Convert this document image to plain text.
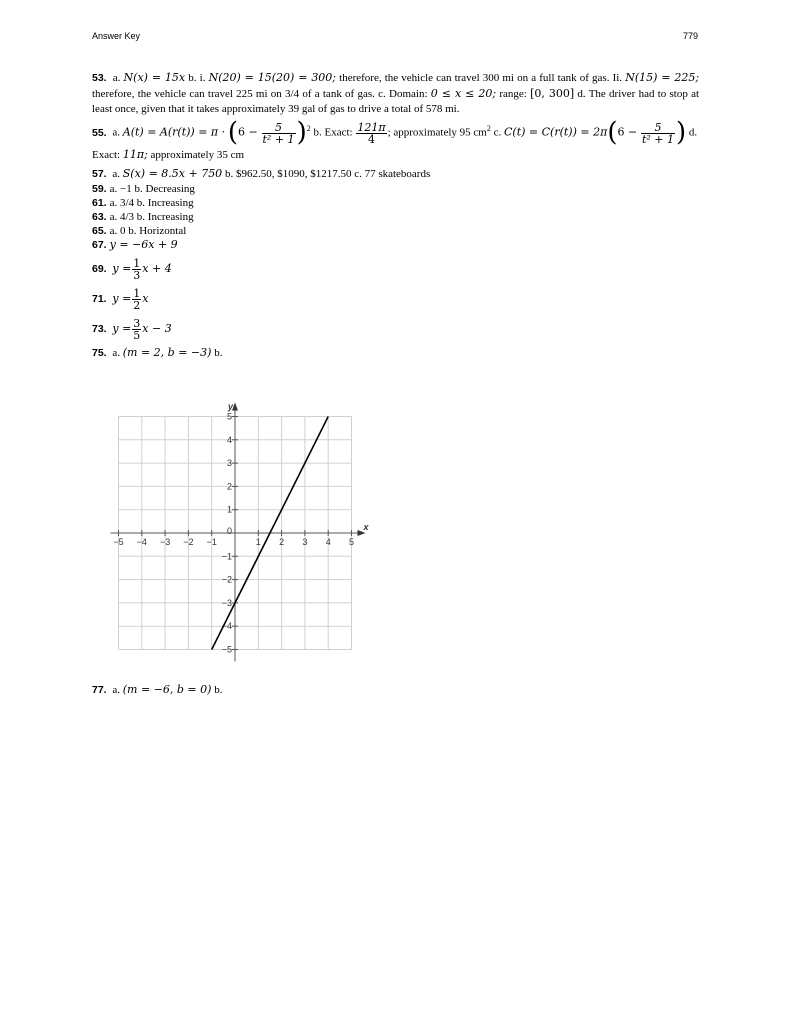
Answer Key	779

53. a. N(x) = 15x b. i. N(20) = 15(20) = 300; therefore, the vehicle can travel 300 mi on a full tank of gas. Ii. N(15) = 225; therefore, the vehicle can travel 225 mi on 3/4 of a tank of gas. c. Domain: 0 ≤ x ≤ 20; range: [0, 300] d. The driver had to stop at least once, given that it takes approximately 39 gal of gas to drive a total of 578 mi.

55. a. $A(t) = A(r(t)) = \pi \cdot (6 - \frac{5}{\text{t² + 1}} )^2$ b. Exact: $\frac{121\pi}{4}$ ; approximately 95 $cm^2$ c. $C(t) = C(r(t)) = 2\pi(6 - \frac{5}{\text{t² + 1}}$ ) d.

Exact: 11π; approximately 35 cm

57. a. S(x) = 8.5x + 750 b. $962.50, $1090, $1217.50 c. 77 skateboards

59. a. −1 b. Decreasing

61. a. 3/4 b. Increasing

63. a. 4/3 b. Increasing

65. a. 0 b. Horizontal

67. y = −6x + 9

69. $y = \frac{1}{3}$ x + 4

71. $y = \frac{1}{2}$ x

73. $y = \frac{3}{5}$ x − 3

75. a. (m = 2, b = −3) b.

−5 −4 −3 −2 −1
0
1 2 3 4 5
5
4
3
2
1
−1
−2
−3
−4
−5
x
y

77. a. (m = −6, b = 0) b.
